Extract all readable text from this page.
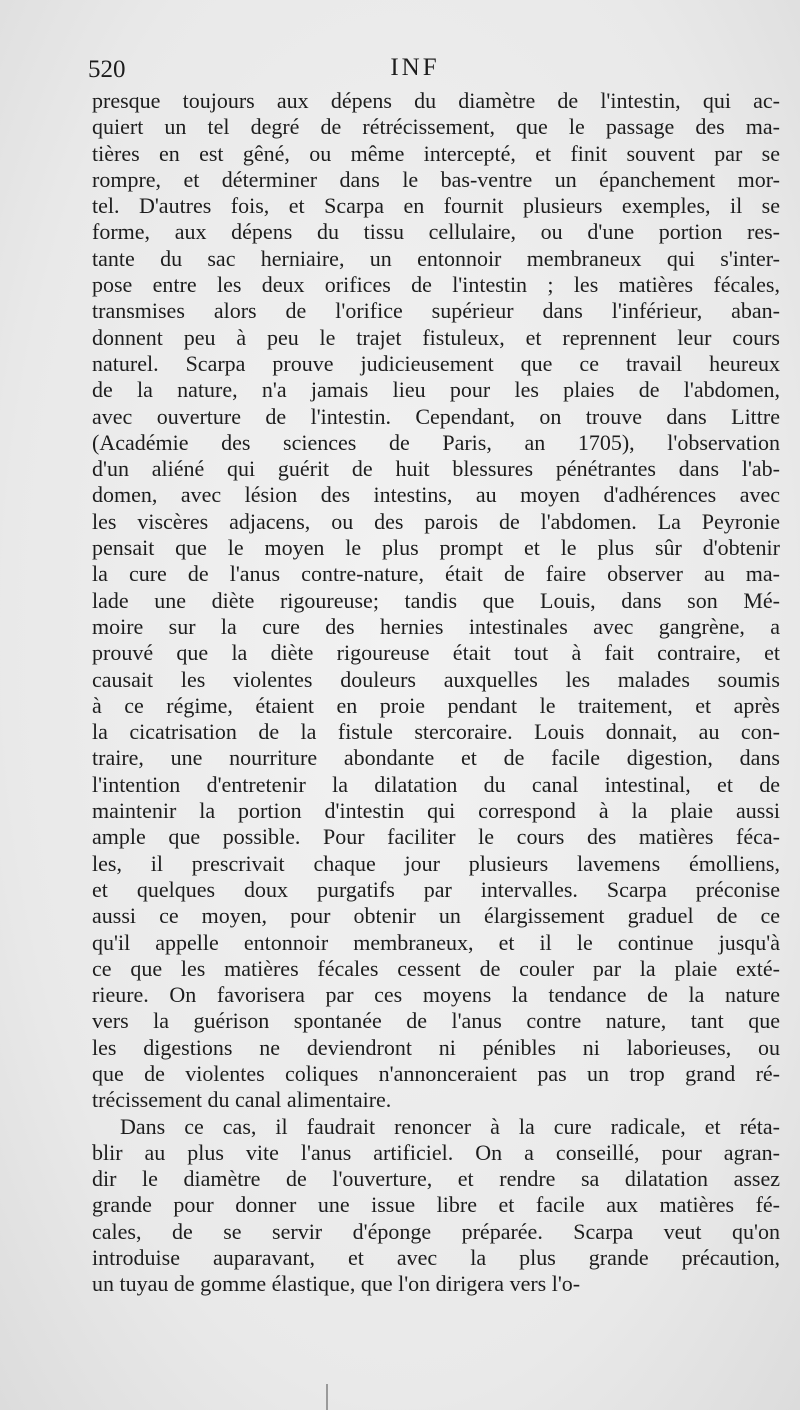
520	INF
presque toujours aux dépens du diamètre de l'intestin, qui ac-
quiert un tel degré de rétrécissement, que le passage des ma-
tières en est gêné, ou même intercepté, et finit souvent par se
rompre, et déterminer dans le bas-ventre un épanchement mor-
tel. D'autres fois, et Scarpa en fournit plusieurs exemples, il se
forme, aux dépens du tissu cellulaire, ou d'une portion res-
tante du sac herniaire, un entonnoir membraneux qui s'inter-
pose entre les deux orifices de l'intestin ; les matières fécales,
transmises alors de l'orifice supérieur dans l'inférieur, aban-
donnent peu à peu le trajet fistuleux, et reprennent leur cours
naturel. Scarpa prouve judicieusement que ce travail heureux
de la nature, n'a jamais lieu pour les plaies de l'abdomen,
avec ouverture de l'intestin. Cependant, on trouve dans Littre
(Académie des sciences de Paris, an 1705), l'observation
d'un aliéné qui guérit de huit blessures pénétrantes dans l'ab-
domen, avec lésion des intestins, au moyen d'adhérences avec
les viscères adjacens, ou des parois de l'abdomen. La Peyronie
pensait que le moyen le plus prompt et le plus sûr d'obtenir
la cure de l'anus contre-nature, était de faire observer au ma-
lade une diète rigoureuse; tandis que Louis, dans son Mé-
moire sur la cure des hernies intestinales avec gangrène, a
prouvé que la diète rigoureuse était tout à fait contraire, et
causait les violentes douleurs auxquelles les malades soumis
à ce régime, étaient en proie pendant le traitement, et après
la cicatrisation de la fistule stercoraire. Louis donnait, au con-
traire, une nourriture abondante et de facile digestion, dans
l'intention d'entretenir la dilatation du canal intestinal, et de
maintenir la portion d'intestin qui correspond à la plaie aussi
ample que possible. Pour faciliter le cours des matières féca-
les, il prescrivait chaque jour plusieurs lavemens émolliens,
et quelques doux purgatifs par intervalles. Scarpa préconise
aussi ce moyen, pour obtenir un élargissement graduel de ce
qu'il appelle entonnoir membraneux, et il le continue jusqu'à
ce que les matières fécales cessent de couler par la plaie exté-
rieure. On favorisera par ces moyens la tendance de la nature
vers la guérison spontanée de l'anus contre nature, tant que
les digestions ne deviendront ni pénibles ni laborieuses, ou
que de violentes coliques n'annonceraient pas un trop grand ré-
trécissement du canal alimentaire.
Dans ce cas, il faudrait renoncer à la cure radicale, et réta-
blir au plus vite l'anus artificiel. On a conseillé, pour agran-
dir le diamètre de l'ouverture, et rendre sa dilatation assez
grande pour donner une issue libre et facile aux matières fé-
cales, de se servir d'éponge préparée. Scarpa veut qu'on
introduise auparavant, et avec la plus grande précaution,
un tuyau de gomme élastique, que l'on dirigera vers l'o-
